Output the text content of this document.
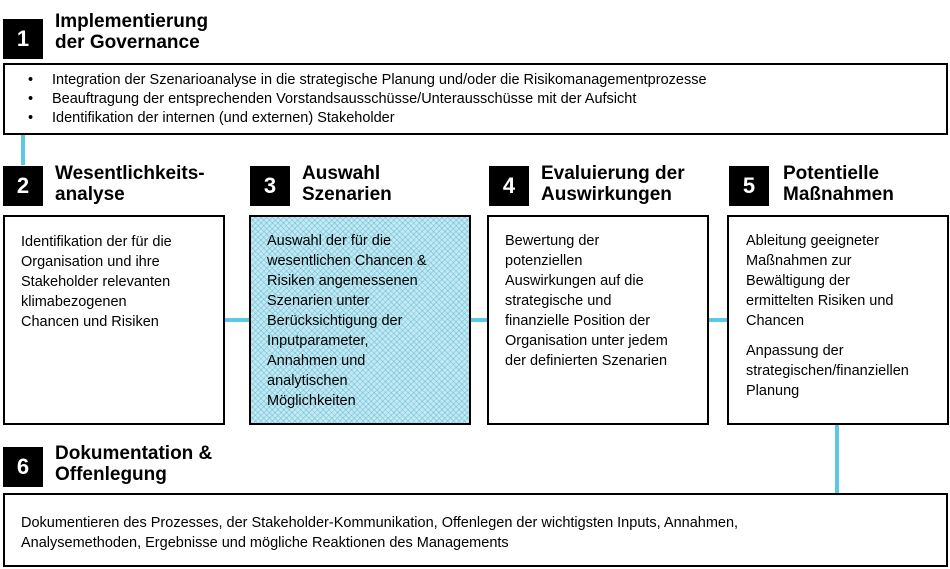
1
Implementierung
der Governance
• Integration der Szenarioanalyse in die strategische Planung und/oder die Risikomanagementprozesse
• Beauftragung der entsprechenden Vorstandsausschüsse/Unterausschüsse mit der Aufsicht
• Identifikation der internen (und externen) Stakeholder
2	Wesentlichkeits-
analyse
Identifikation der für die
Organisation und ihre
Stakeholder relevanten
klimabezogenen
Chancen und Risiken
3	Auswahl
Szenarien
Auswahl der für die
wesentlichen Chancen &
Risiken angemessenen
Szenarien unter
Berücksichtigung der
Inputparameter,
Annahmen und
analytischen
Möglichkeiten
4	Evaluierung der
Auswirkungen
Bewertung der
potenziellen
Auswirkungen auf die
strategische und
finanzielle Position der
Organisation unter jedem
der definierten Szenarien
5	Potentielle
Maßnahmen
Ableitung geeigneter
Maßnahmen zur
Bewältigung der
ermittelten Risiken und
Chancen
Anpassung der
strategischen/finanziellen
Planung
6
Dokumentation &
Offenlegung
Dokumentieren des Prozesses, der Stakeholder-Kommunikation, Offenlegen der wichtigsten Inputs, Annahmen,
Analysemethoden, Ergebnisse und mögliche Reaktionen des Managements
